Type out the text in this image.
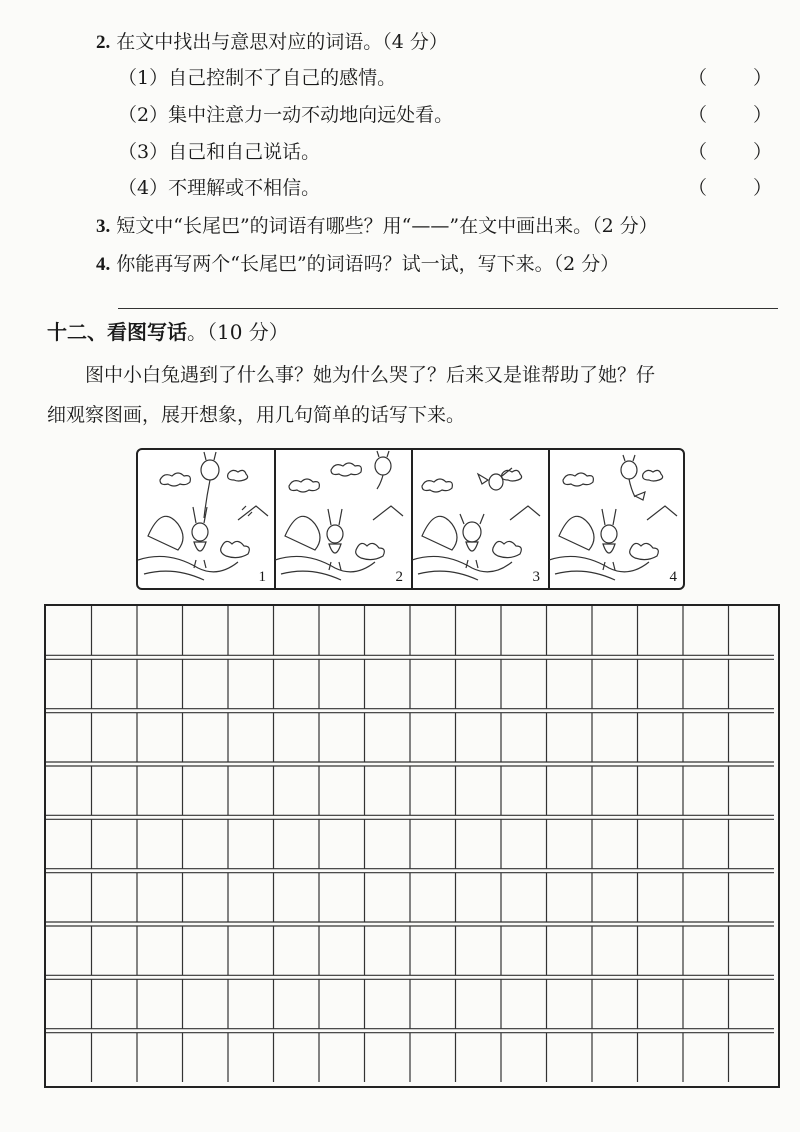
2. 在文中找出与意思对应的词语。（4 分）
（1）自己控制不了自己的感情。	（ ）
（2）集中注意力一动不动地向远处看。	（ ）
（3）自己和自己说话。	（ ）
（4）不理解或不相信。	（ ）
3. 短文中“长尾巴”的词语有哪些？用“——”在文中画出来。（2 分）
4. 你能再写两个“长尾巴”的词语吗？试一试，写下来。（2 分）
十二、看图写话。（10 分）
图中小白兔遇到了什么事？她为什么哭了？后来又是谁帮助了她？仔
细观察图画，展开想象，用几句简单的话写下来。
1	2	3	4
